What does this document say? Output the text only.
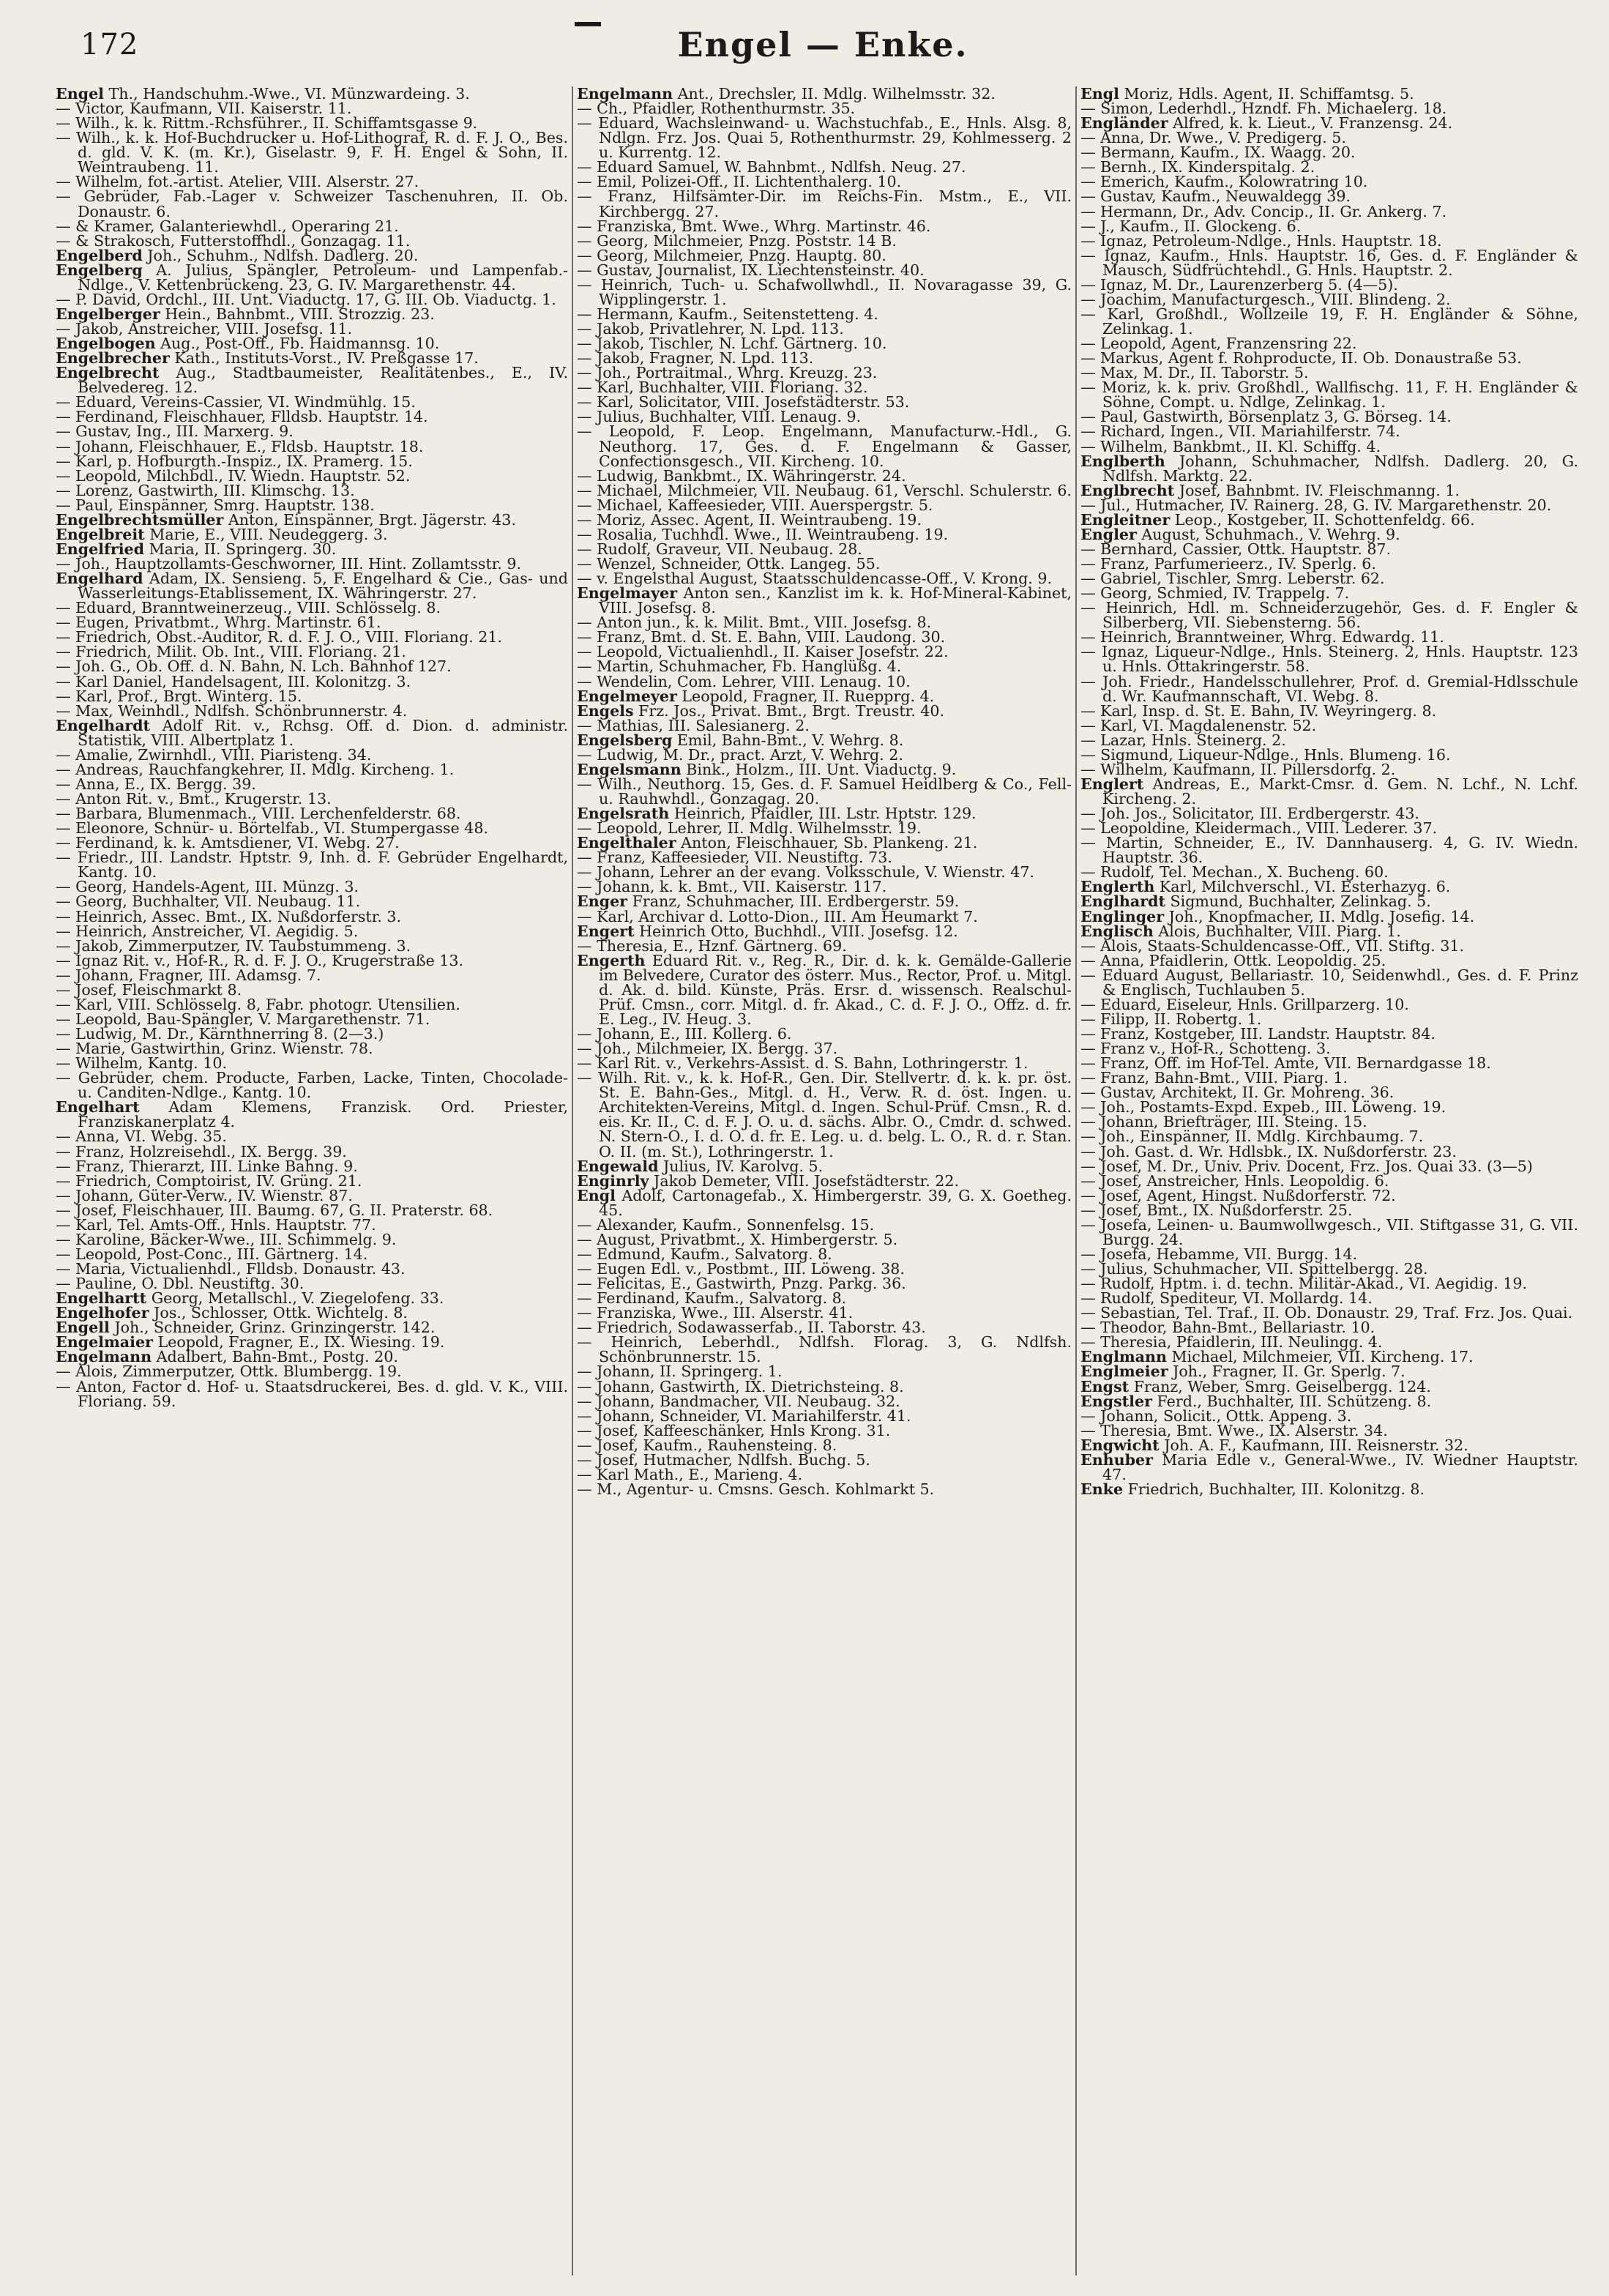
172	Engel — Enke.
Engel Th., Handschuhm.-Wwe., VI. Münzwardeing. 3.
— Victor, Kaufmann, VII. Kaiserstr. 11.
— Wilh., k. k. Rittm.-Rchsführer., II. Schiffamtsgasse 9.
— Wilh., k. k. Hof-Buchdrucker u. Hof-Lithograf, R. d. F. J. O., Bes. d. gld. V. K. (m. Kr.), Giselastr. 9, F. H. Engel & Sohn, II. Weintraubeng. 11.
— Wilhelm, fot.-artist. Atelier, VIII. Alserstr. 27.
— Gebrüder, Fab.-Lager v. Schweizer Taschenuhren, II. Ob. Donaustr. 6.
— & Kramer, Galanteriewhdl., Operaring 21.
— & Strakosch, Futterstoffhdl., Gonzagag. 11.
Engelberd Joh., Schuhm., Ndlfsh. Dadlerg. 20.
Engelberg A. Julius, Spängler, Petroleum- und Lampenfab.-Ndlge., V. Kettenbrückeng. 23, G. IV. Margarethenstr. 44.
— P. David, Ordchl., III. Unt. Viaductg. 17, G. III. Ob. Viaductg. 1.
Engelberger Hein., Bahnbmt., VIII. Strozzig. 23.
— Jakob, Anstreicher, VIII. Josefsg. 11.
Engelbogen Aug., Post-Off., Fb. Haidmannsg. 10.
Engelbrecher Kath., Instituts-Vorst., IV. Preßgasse 17.
Engelbrecht Aug., Stadtbaumeister, Realitätenbes., E., IV. Belvedereg. 12.
— Eduard, Vereins-Cassier, VI. Windmühlg. 15.
— Ferdinand, Fleischhauer, Flldsb. Hauptstr. 14.
— Gustav, Ing., III. Marxerg. 9.
— Johann, Fleischhauer, E., Fldsb. Hauptstr. 18.
— Karl, p. Hofburgth.-Inspiz., IX. Pramerg. 15.
— Leopold, Milchbdl., IV. Wiedn. Hauptstr. 52.
— Lorenz, Gastwirth, III. Klimschg. 13.
— Paul, Einspänner, Smrg. Hauptstr. 138.
Engelbrechtsmüller Anton, Einspänner, Brgt. Jägerstr. 43.
Engelbreit Marie, E., VIII. Neudeggerg. 3.
Engelfried Maria, II. Springerg. 30.
— Joh., Hauptzollamts-Geschworner, III. Hint. Zollamtsstr. 9.
Engelhard Adam, IX. Sensieng. 5, F. Engelhard & Cie., Gas- und Wasserleitungs-Etablissement, IX. Währingerstr. 27.
— Eduard, Branntweinerzeug., VIII. Schlösselg. 8.
— Eugen, Privatbmt., Whrg. Martinstr. 61.
— Friedrich, Obst.-Auditor, R. d. F. J. O., VIII. Floriang. 21.
— Friedrich, Milit. Ob. Int., VIII. Floriang. 21.
— Joh. G., Ob. Off. d. N. Bahn, N. Lch. Bahnhof 127.
— Karl Daniel, Handelsagent, III. Kolonitzg. 3.
— Karl, Prof., Brgt. Winterg. 15.
— Max, Weinhdl., Ndlfsh. Schönbrunnerstr. 4.
Engelhardt Adolf Rit. v., Rchsg. Off. d. Dion. d. administr. Statistik, VIII. Albertplatz 1.
— Amalie, Zwirnhdl., VIII. Piaristeng. 34.
— Andreas, Rauchfangkehrer, II. Mdlg. Kircheng. 1.
— Anna, E., IX. Bergg. 39.
— Anton Rit. v., Bmt., Krugerstr. 13.
— Barbara, Blumenmach., VIII. Lerchenfelderstr. 68.
— Eleonore, Schnür- u. Börtelfab., VI. Stumpergasse 48.
— Ferdinand, k. k. Amtsdiener, VI. Webg. 27.
— Friedr., III. Landstr. Hptstr. 9, Inh. d. F. Gebrüder Engelhardt, Kantg. 10.
— Georg, Handels-Agent, III. Münzg. 3.
— Georg, Buchhalter, VII. Neubaug. 11.
— Heinrich, Assec. Bmt., IX. Nußdorferstr. 3.
— Heinrich, Anstreicher, VI. Aegidig. 5.
— Jakob, Zimmerputzer, IV. Taubstummeng. 3.
— Ignaz Rit. v., Hof-R., R. d. F. J. O., Krugerstraße 13.
— Johann, Fragner, III. Adamsg. 7.
— Josef, Fleischmarkt 8.
— Karl, VIII. Schlösselg. 8, Fabr. photogr. Utensilien.
— Leopold, Bau-Spängler, V. Margarethenstr. 71.
— Ludwig, M. Dr., Kärnthnerring 8. (2—3.)
— Marie, Gastwirthin, Grinz. Wienstr. 78.
— Wilhelm, Kantg. 10.
— Gebrüder, chem. Producte, Farben, Lacke, Tinten, Chocolade- u. Canditen-Ndlge., Kantg. 10.
Engelhart Adam Klemens, Franzisk. Ord. Priester, Franziskanerplatz 4.
— Anna, VI. Webg. 35.
— Franz, Holzreisehdl., IX. Bergg. 39.
— Franz, Thierarzt, III. Linke Bahng. 9.
— Friedrich, Comptoirist, IV. Grüng. 21.
— Johann, Güter-Verw., IV. Wienstr. 87.
— Josef, Fleischhauer, III. Baumg. 67, G. II. Praterstr. 68.
— Karl, Tel. Amts-Off., Hnls. Hauptstr. 77.
— Karoline, Bäcker-Wwe., III. Schimmelg. 9.
— Leopold, Post-Conc., III. Gärtnerg. 14.
— Maria, Victualienhdl., Flldsb. Donaustr. 43.
— Pauline, O. Dbl. Neustiftg. 30.
Engelhartt Georg, Metallschl., V. Ziegelofeng. 33.
Engelhofer Jos., Schlosser, Ottk. Wichtelg. 8.
Engell Joh., Schneider, Grinz. Grinzingerstr. 142.
Engelmaier Leopold, Fragner, E., IX. Wiesing. 19.
Engelmann Adalbert, Bahn-Bmt., Postg. 20.
— Alois, Zimmerputzer, Ottk. Blumbergg. 19.
— Anton, Factor d. Hof- u. Staatsdruckerei, Bes. d. gld. V. K., VIII. Floriang. 59.
Engelmann Ant., Drechsler, II. Mdlg. Wilhelmsstr. 32.
— Ch., Pfaidler, Rothenthurmstr. 35.
— Eduard, Wachsleinwand- u. Wachstuchfab., E., Hnls. Alsg. 8, Ndlgn. Frz. Jos. Quai 5, Rothenthurmstr. 29, Kohlmesserg. 2 u. Kurrentg. 12.
— Eduard Samuel, W. Bahnbmt., Ndlfsh. Neug. 27.
— Emil, Polizei-Off., II. Lichtenthalerg. 10.
— Franz, Hilfsämter-Dir. im Reichs-Fin. Mstm., E., VII. Kirchbergg. 27.
— Franziska, Bmt. Wwe., Whrg. Martinstr. 46.
— Georg, Milchmeier, Pnzg. Poststr. 14 B.
— Georg, Milchmeier, Pnzg. Hauptg. 80.
— Gustav, Journalist, IX. Liechtensteinstr. 40.
— Heinrich, Tuch- u. Schafwollwhdl., II. Novaragasse 39, G. Wipplingerstr. 1.
— Hermann, Kaufm., Seitenstetteng. 4.
— Jakob, Privatlehrer, N. Lpd. 113.
— Jakob, Tischler, N. Lchf. Gärtnerg. 10.
— Jakob, Fragner, N. Lpd. 113.
— Joh., Portraitmal., Whrg. Kreuzg. 23.
— Karl, Buchhalter, VIII. Floriang. 32.
— Karl, Solicitator, VIII. Josefstädterstr. 53.
— Julius, Buchhalter, VIII. Lenaug. 9.
— Leopold, F. Leop. Engelmann, Manufacturw.-Hdl., G. Neuthorg. 17, Ges. d. F. Engelmann & Gasser, Confectionsgesch., VII. Kircheng. 10.
— Ludwig, Bankbmt., IX. Währingerstr. 24.
— Michael, Milchmeier, VII. Neubaug. 61, Verschl. Schulerstr. 6.
— Michael, Kaffeesieder, VIII. Auerspergstr. 5.
— Moriz, Assec. Agent, II. Weintraubeng. 19.
— Rosalia, Tuchhdl. Wwe., II. Weintraubeng. 19.
— Rudolf, Graveur, VII. Neubaug. 28.
— Wenzel, Schneider, Ottk. Langeg. 55.
— v. Engelsthal August, Staatsschuldencasse-Off., V. Krong. 9.
Engelmayer Anton sen., Kanzlist im k. k. Hof-Mineral-Kabinet, VIII. Josefsg. 8.
— Anton jun., k. k. Milit. Bmt., VIII. Josefsg. 8.
— Franz, Bmt. d. St. E. Bahn, VIII. Laudong. 30.
— Leopold, Victualienhdl., II. Kaiser Josefstr. 22.
— Martin, Schuhmacher, Fb. Hanglüßg. 4.
— Wendelin, Com. Lehrer, VIII. Lenaug. 10.
Engelmeyer Leopold, Fragner, II. Ruepprg. 4.
Engels Frz. Jos., Privat. Bmt., Brgt. Treustr. 40.
— Mathias, III. Salesianerg. 2.
Engelsberg Emil, Bahn-Bmt., V. Wehrg. 8.
— Ludwig, M. Dr., pract. Arzt, V. Wehrg. 2.
Engelsmann Bink., Holzm., III. Unt. Viaductg. 9.
— Wilh., Neuthorg. 15, Ges. d. F. Samuel Heidlberg & Co., Fell- u. Rauhwhdl., Gonzagag. 20.
Engelsrath Heinrich, Pfaidler, III. Lstr. Hptstr. 129.
— Leopold, Lehrer, II. Mdlg. Wilhelmsstr. 19.
Engelthaler Anton, Fleischhauer, Sb. Plankeng. 21.
— Franz, Kaffeesieder, VII. Neustiftg. 73.
— Johann, Lehrer an der evang. Volksschule, V. Wienstr. 47.
— Johann, k. k. Bmt., VII. Kaiserstr. 117.
Enger Franz, Schuhmacher, III. Erdbergerstr. 59.
— Karl, Archivar d. Lotto-Dion., III. Am Heumarkt 7.
Engert Heinrich Otto, Buchhdl., VIII. Josefsg. 12.
— Theresia, E., Hznf. Gärtnerg. 69.
Engerth Eduard Rit. v., Reg. R., Dir. d. k. k. Gemälde-Gallerie im Belvedere, Curator des österr. Mus., Rector, Prof. u. Mitgl. d. Ak. d. bild. Künste, Präs. Ersr. d. wissensch. Realschul-Prüf. Cmsn., corr. Mitgl. d. fr. Akad., C. d. F. J. O., Offz. d. fr. E. Leg., IV. Heug. 3.
— Johann, E., III. Kollerg. 6.
— Joh., Milchmeier, IX. Bergg. 37.
— Karl Rit. v., Verkehrs-Assist. d. S. Bahn, Lothringerstr. 1.
— Wilh. Rit. v., k. k. Hof-R., Gen. Dir. Stellvertr. d. k. k. pr. öst. St. E. Bahn-Ges., Mitgl. d. H., Verw. R. d. öst. Ingen. u. Architekten-Vereins, Mitgl. d. Ingen. Schul-Prüf. Cmsn., R. d. eis. Kr. II., C. d. F. J. O. u. d. sächs. Albr. O., Cmdr. d. schwed. N. Stern-O., I. d. O. d. fr. E. Leg. u. d. belg. L. O., R. d. r. Stan. O. II. (m. St.), Lothringerstr. 1.
Engewald Julius, IV. Karolvg. 5.
Enginrly Jakob Demeter, VIII. Josefstädterstr. 22.
Engl Adolf, Cartonagefab., X. Himbergerstr. 39, G. X. Goetheg. 45.
— Alexander, Kaufm., Sonnenfelsg. 15.
— August, Privatbmt., X. Himbergerstr. 5.
— Edmund, Kaufm., Salvatorg. 8.
— Eugen Edl. v., Postbmt., III. Löweng. 38.
— Felicitas, E., Gastwirth, Pnzg. Parkg. 36.
— Ferdinand, Kaufm., Salvatorg. 8.
— Franziska, Wwe., III. Alserstr. 41.
— Friedrich, Sodawasserfab., II. Taborstr. 43.
— Heinrich, Leberhdl., Ndlfsh. Florag. 3, G. Ndlfsh. Schönbrunnerstr. 15.
— Johann, II. Springerg. 1.
— Johann, Gastwirth, IX. Dietrichsteing. 8.
— Johann, Bandmacher, VII. Neubaug. 32.
— Johann, Schneider, VI. Mariahilferstr. 41.
— Josef, Kaffeeschänker, Hnls Krong. 31.
— Josef, Kaufm., Rauhensteing. 8.
— Josef, Hutmacher, Ndlfsh. Buchg. 5.
— Karl Math., E., Marieng. 4.
— M., Agentur- u. Cmsns. Gesch. Kohlmarkt 5.
Engl Moriz, Hdls. Agent, II. Schiffamtsg. 5.
— Simon, Lederhdl., Hzndf. Fh. Michaelerg. 18.
Engländer Alfred, k. k. Lieut., V. Franzensg. 24.
— Anna, Dr. Wwe., V. Predigerg. 5.
— Bermann, Kaufm., IX. Waagg. 20.
— Bernh., IX. Kinderspitalg. 2.
— Emerich, Kaufm., Kolowratring 10.
— Gustav, Kaufm., Neuwaldegg 39.
— Hermann, Dr., Adv. Concip., II. Gr. Ankerg. 7.
— J., Kaufm., II. Glockeng. 6.
— Ignaz, Petroleum-Ndlge., Hnls. Hauptstr. 18.
— Ignaz, Kaufm., Hnls. Hauptstr. 16, Ges. d. F. Engländer & Mausch, Südfrüchtehdl., G. Hnls. Hauptstr. 2.
— Ignaz, M. Dr., Laurenzerberg 5. (4—5).
— Joachim, Manufacturgesch., VIII. Blindeng. 2.
— Karl, Großhdl., Wollzeile 19, F. H. Engländer & Söhne, Zelinkag. 1.
— Leopold, Agent, Franzensring 22.
— Markus, Agent f. Rohproducte, II. Ob. Donaustraße 53.
— Max, M. Dr., II. Taborstr. 5.
— Moriz, k. k. priv. Großhdl., Wallfischg. 11, F. H. Engländer & Söhne, Compt. u. Ndlge, Zelinkag. 1.
— Paul, Gastwirth, Börsenplatz 3, G. Börseg. 14.
— Richard, Ingen., VII. Mariahilferstr. 74.
— Wilhelm, Bankbmt., II. Kl. Schiffg. 4.
Englberth Johann, Schuhmacher, Ndlfsh. Dadlerg. 20, G. Ndlfsh. Marktg. 22.
Englbrecht Josef, Bahnbmt. IV. Fleischmanng. 1.
— Jul., Hutmacher, IV. Rainerg. 28, G. IV. Margarethenstr. 20.
Engleitner Leop., Kostgeber, II. Schottenfeldg. 66.
Engler August, Schuhmach., V. Wehrg. 9.
— Bernhard, Cassier, Ottk. Hauptstr. 87.
— Franz, Parfumerieerz., IV. Sperlg. 6.
— Gabriel, Tischler, Smrg. Leberstr. 62.
— Georg, Schmied, IV. Trappelg. 7.
— Heinrich, Hdl. m. Schneiderzugehör, Ges. d. F. Engler & Silberberg, VII. Siebensterng. 56.
— Heinrich, Branntweiner, Whrg. Edwardg. 11.
— Ignaz, Liqueur-Ndlge., Hnls. Steinerg. 2, Hnls. Hauptstr. 123 u. Hnls. Ottakringerstr. 58.
— Joh. Friedr., Handelsschullehrer, Prof. d. Gremial-Hdlsschule d. Wr. Kaufmannschaft, VI. Webg. 8.
— Karl, Insp. d. St. E. Bahn, IV. Weyringerg. 8.
— Karl, VI. Magdalenenstr. 52.
— Lazar, Hnls. Steinerg. 2.
— Sigmund, Liqueur-Ndlge., Hnls. Blumeng. 16.
— Wilhelm, Kaufmann, II. Pillersdorfg. 2.
Englert Andreas, E., Markt-Cmsr. d. Gem. N. Lchf., N. Lchf. Kircheng. 2.
— Joh. Jos., Solicitator, III. Erdbergerstr. 43.
— Leopoldine, Kleidermach., VIII. Lederer. 37.
— Martin, Schneider, E., IV. Dannhauserg. 4, G. IV. Wiedn. Hauptstr. 36.
— Rudolf, Tel. Mechan., X. Bucheng. 60.
Englerth Karl, Milchverschl., VI. Esterhazyg. 6.
Englhardt Sigmund, Buchhalter, Zelinkag. 5.
Englinger Joh., Knopfmacher, II. Mdlg. Josefig. 14.
Englisch Alois, Buchhalter, VIII. Piarg. 1.
— Alois, Staats-Schuldencasse-Off., VII. Stiftg. 31.
— Anna, Pfaidlerin, Ottk. Leopoldig. 25.
— Eduard August, Bellariastr. 10, Seidenwhdl., Ges. d. F. Prinz & Englisch, Tuchlauben 5.
— Eduard, Eiseleur, Hnls. Grillparzerg. 10.
— Filipp, II. Robertg. 1.
— Franz, Kostgeber, III. Landstr. Hauptstr. 84.
— Franz v., Hof-R., Schotteng. 3.
— Franz, Off. im Hof-Tel. Amte, VII. Bernardgasse 18.
— Franz, Bahn-Bmt., VIII. Piarg. 1.
— Gustav, Architekt, II. Gr. Mohreng. 36.
— Joh., Postamts-Expd. Expeb., III. Löweng. 19.
— Johann, Briefträger, III. Steing. 15.
— Joh., Einspänner, II. Mdlg. Kirchbaumg. 7.
— Joh. Gast. d. Wr. Hdlsbk., IX. Nußdorferstr. 23.
— Josef, M. Dr., Univ. Priv. Docent, Frz. Jos. Quai 33. (3—5)
— Josef, Anstreicher, Hnls. Leopoldig. 6.
— Josef, Agent, Hingst. Nußdorferstr. 72.
— Josef, Bmt., IX. Nußdorferstr. 25.
— Josefa, Leinen- u. Baumwollwgesch., VII. Stiftgasse 31, G. VII. Burgg. 24.
— Josefa, Hebamme, VII. Burgg. 14.
— Julius, Schuhmacher, VII. Spittelbergg. 28.
— Rudolf, Hptm. i. d. techn. Militär-Akad., VI. Aegidig. 19.
— Rudolf, Spediteur, VI. Mollardg. 14.
— Sebastian, Tel. Traf., II. Ob. Donaustr. 29, Traf. Frz. Jos. Quai.
— Theodor, Bahn-Bmt., Bellariastr. 10.
— Theresia, Pfaidlerin, III. Neulingg. 4.
Englmann Michael, Milchmeier, VII. Kircheng. 17.
Englmeier Joh., Fragner, II. Gr. Sperlg. 7.
Engst Franz, Weber, Smrg. Geiselbergg. 124.
Engstler Ferd., Buchhalter, III. Schützeng. 8.
— Johann, Solicit., Ottk. Appeng. 3.
— Theresia, Bmt. Wwe., IX. Alserstr. 34.
Engwicht Joh. A. F., Kaufmann, III. Reisnerstr. 32.
Enhuber Maria Edle v., General-Wwe., IV. Wiedner Hauptstr. 47.
Enke Friedrich, Buchhalter, III. Kolonitzg. 8.
